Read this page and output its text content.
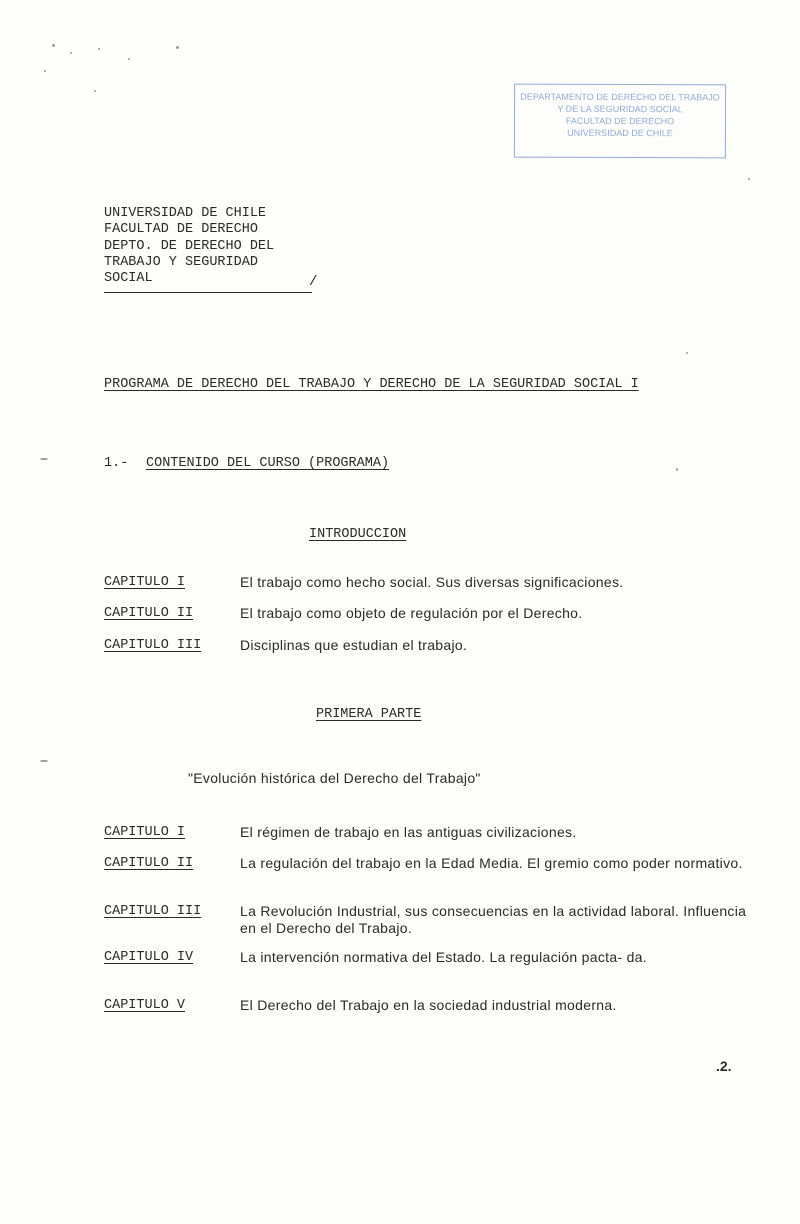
DEPARTAMENTO DE DERECHO DEL TRABAJO
Y DE LA SEGURIDAD SOCIAL
FACULTAD DE DERECHO
UNIVERSIDAD DE CHILE
UNIVERSIDAD DE CHILE
FACULTAD DE DERECHO
DEPTO. DE DERECHO DEL
TRABAJO Y SEGURIDAD
SOCIAL	/
PROGRAMA DE DERECHO DEL TRABAJO Y DERECHO DE LA SEGURIDAD SOCIAL I
1.- CONTENIDO DEL CURSO (PROGRAMA)
INTRODUCCION
CAPITULO I	El trabajo como hecho social. Sus diversas significaciones.
CAPITULO II	El trabajo como objeto de regulación por el Derecho.
CAPITULO III	Disciplinas que estudian el trabajo.
PRIMERA PARTE
"Evolución histórica del Derecho del Trabajo"
CAPITULO I	El régimen de trabajo en las antiguas civilizaciones.
CAPITULO II	La regulación del trabajo en la Edad Media. El gremio como poder normativo.
CAPITULO III	La Revolución Industrial, sus consecuencias en la actividad laboral. Influencia en el Derecho del Trabajo.
CAPITULO IV	La intervención normativa del Estado. La regulación pacta- da.
CAPITULO V	El Derecho del Trabajo en la sociedad industrial moderna.
.2.
